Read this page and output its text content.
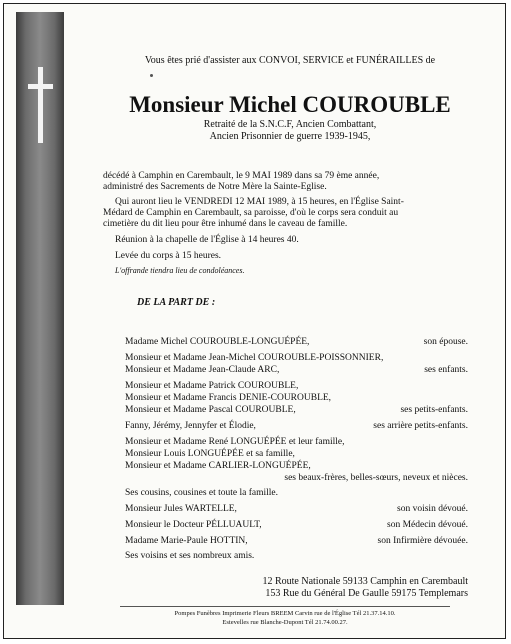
Vous êtes prié d'assister aux CONVOI, SERVICE et FUNÉRAILLES de
Monsieur Michel COUROUBLE
Retraité de la S.N.C.F, Ancien Combattant,
Ancien Prisonnier de guerre 1939-1945,
décédé à Camphin en Carembault, le 9 MAI 1989 dans sa 79 ème année,
administré des Sacrements de Notre Mère la Sainte-Eglise.
Qui auront lieu le VENDREDI 12 MAI 1989, à 15 heures, en l'Église Saint-
Médard de Camphin en Carembault, sa paroisse, d'où le corps sera conduit au
cimetière du dit lieu pour être inhumé dans le caveau de famille.
Réunion à la chapelle de l'Église à 14 heures 40.
Levée du corps à 15 heures.
L'offrande tiendra lieu de condoléances.
DE LA PART DE :
Madame Michel COUROUBLE-LONGUÉPÉE,	son épouse.
Monsieur et Madame Jean-Michel COUROUBLE-POISSONNIER,
Monsieur et Madame Jean-Claude ARC,	ses enfants.
Monsieur et Madame Patrick COUROUBLE,
Monsieur et Madame Francis DENIE-COUROUBLE,
Monsieur et Madame Pascal COUROUBLE,	ses petits-enfants.
Fanny, Jérémy, Jennyfer et Élodie,	ses arrière petits-enfants.
Monsieur et Madame René LONGUÉPÉE et leur famille,
Monsieur Louis LONGUÉPÉE et sa famille,
Monsieur et Madame CARLIER-LONGUÉPÉE,
ses beaux-frères, belles-sœurs, neveux et nièces.
Ses cousins, cousines et toute la famille.
Monsieur Jules WARTELLE,	son voisin dévoué.
Monsieur le Docteur PÉLLUAULT,	son Médecin dévoué.
Madame Marie-Paule HOTTIN,	son Infirmière dévouée.
Ses voisins et ses nombreux amis.
12 Route Nationale 59133 Camphin en Carembault
153 Rue du Général De Gaulle 59175 Templemars
Pompes Funèbres Imprimerie Fleurs BREEM Carvin rue de l'Église Tél 21.37.14.10.
Estevelles rue Blanche-Dupont Tél 21.74.00.27.
